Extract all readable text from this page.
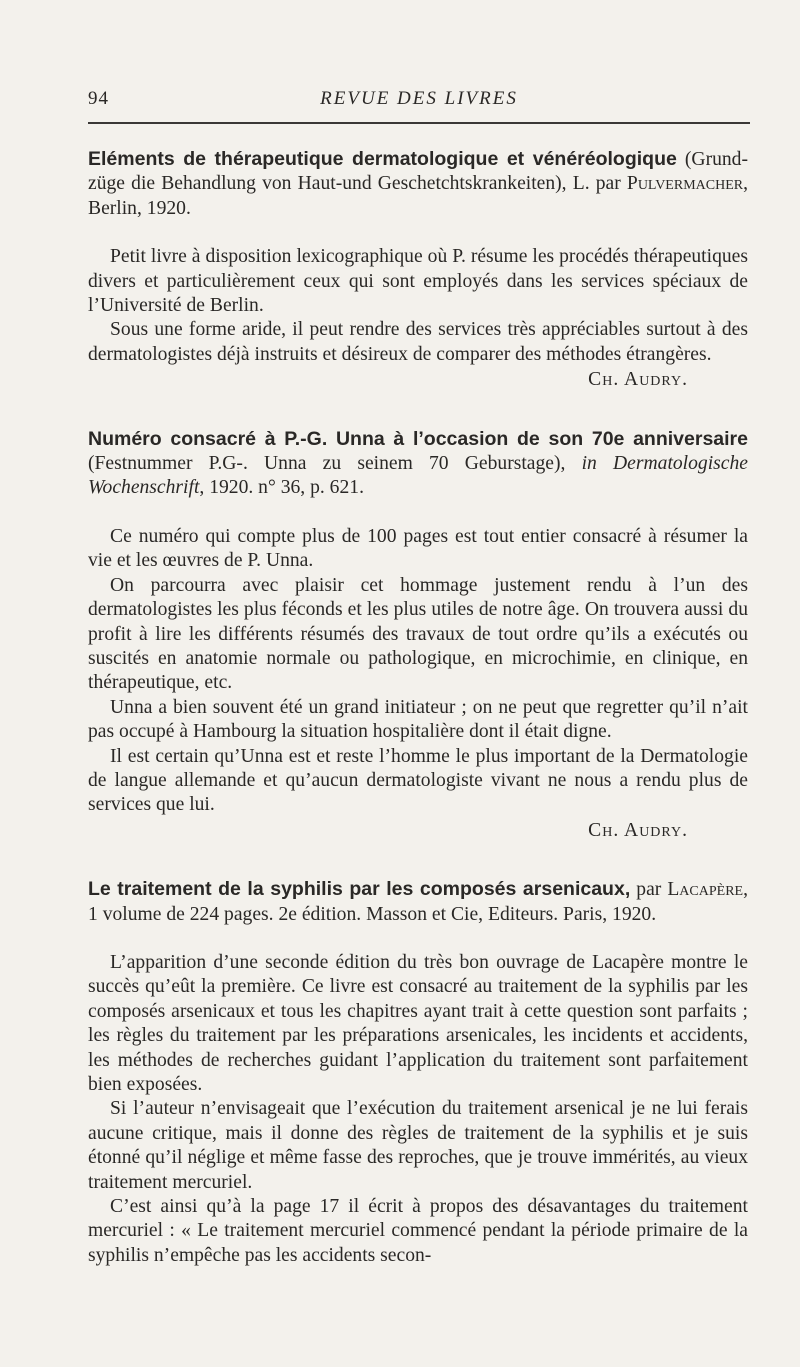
94	REVUE DES LIVRES

Eléments de thérapeutique dermatologique et vénéréologique (Grund-züge die Behandlung von Haut-und Geschetchtskrankeiten), L. par Pulvermacher, Berlin, 1920.

Petit livre à disposition lexicographique où P. résume les procédés thérapeutiques divers et particulièrement ceux qui sont employés dans les services spéciaux de l’Université de Berlin.

Sous une forme aride, il peut rendre des services très appréciables surtout à des dermatologistes déjà instruits et désireux de comparer des méthodes étrangères.

Ch. Audry.

Numéro consacré à P.-G. Unna à l’occasion de son 70e anniversaire (Festnummer P.G-. Unna zu seinem 70 Geburstage), in Dermatologische Wochenschrift, 1920. n° 36, p. 621.

Ce numéro qui compte plus de 100 pages est tout entier consacré à résumer la vie et les œuvres de P. Unna.

On parcourra avec plaisir cet hommage justement rendu à l’un des dermatologistes les plus féconds et les plus utiles de notre âge. On trouvera aussi du profit à lire les différents résumés des travaux de tout ordre qu’ils a exécutés ou suscités en anatomie normale ou pathologique, en microchimie, en clinique, en thérapeutique, etc.

Unna a bien souvent été un grand initiateur ; on ne peut que regretter qu’il n’ait pas occupé à Hambourg la situation hospitalière dont il était digne.

Il est certain qu’Unna est et reste l’homme le plus important de la Dermatologie de langue allemande et qu’aucun dermatologiste vivant ne nous a rendu plus de services que lui.

Ch. Audry.

Le traitement de la syphilis par les composés arsenicaux, par Lacapère, 1 volume de 224 pages. 2e édition. Masson et Cie, Editeurs. Paris, 1920.

L’apparition d’une seconde édition du très bon ouvrage de Lacapère montre le succès qu’eût la première. Ce livre est consacré au traitement de la syphilis par les composés arsenicaux et tous les chapitres ayant trait à cette question sont parfaits ; les règles du traitement par les préparations arsenicales, les incidents et accidents, les méthodes de recherches guidant l’application du traitement sont parfaitement bien exposées.

Si l’auteur n’envisageait que l’exécution du traitement arsenical je ne lui ferais aucune critique, mais il donne des règles de traitement de la syphilis et je suis étonné qu’il néglige et même fasse des reproches, que je trouve immérités, au vieux traitement mercuriel.

C’est ainsi qu’à la page 17 il écrit à propos des désavantages du traitement mercuriel : « Le traitement mercuriel commencé pendant la période primaire de la syphilis n’empêche pas les accidents secon-
